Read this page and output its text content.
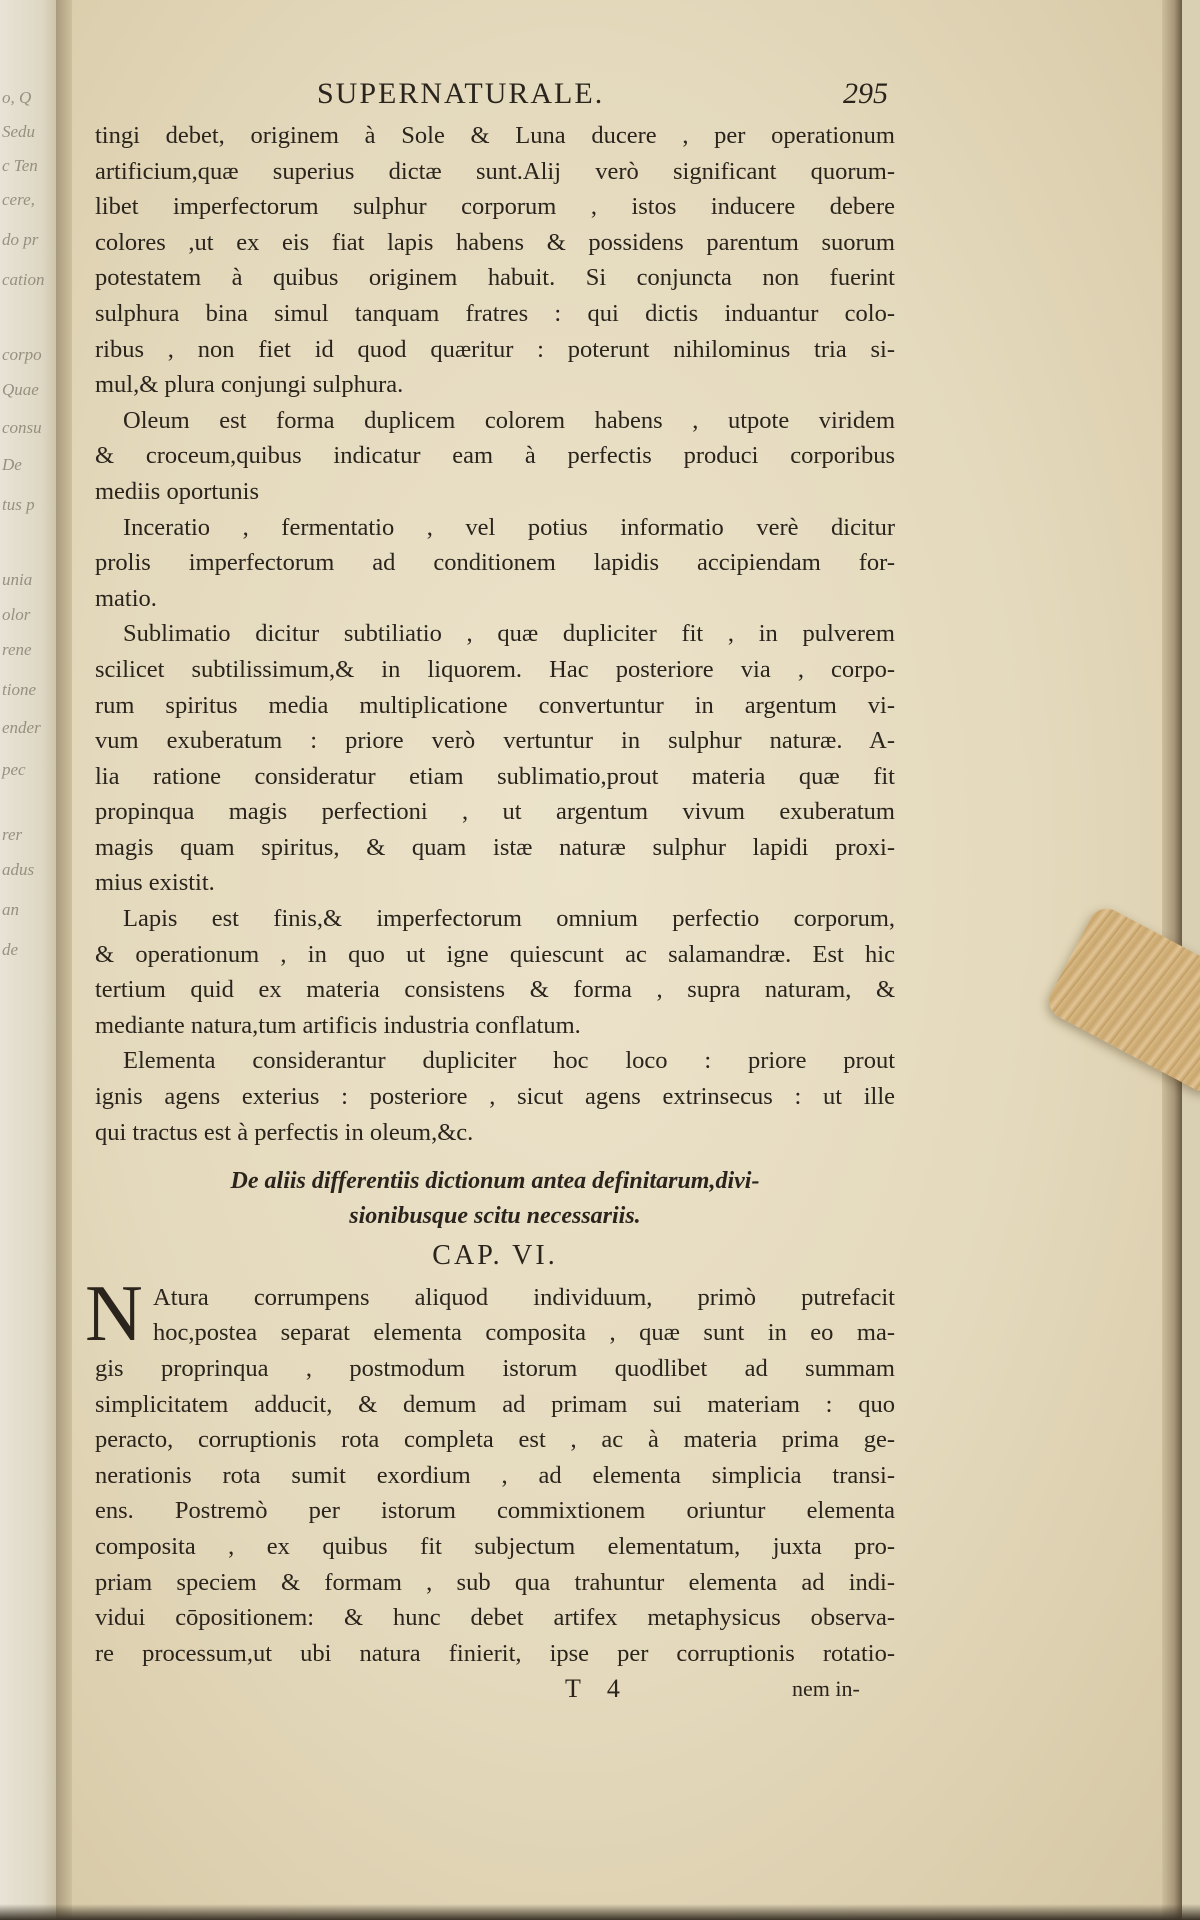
o, Q
Sedu
c Ten
cere,
do pr
cation
corpo
Quae
consu
De
tus p
unia
olor
rene
tione
ender
pec
rer
adus
an
de
SUPERNATURALE.	295
tingi debet, originem à Sole & Luna ducere , per operationum
artificium,quæ superius dictæ sunt.Alij verò significant quorum-
libet imperfectorum sulphur corporum , istos inducere debere
colores ,ut ex eis fiat lapis habens & possidens parentum suorum
potestatem à quibus originem habuit. Si conjuncta non fuerint
sulphura bina simul tanquam fratres : qui dictis induantur colo-
ribus , non fiet id quod quæritur : poterunt nihilominus tria si-
mul,& plura conjungi sulphura.
Oleum est forma duplicem colorem habens , utpote viridem
& croceum,quibus indicatur eam à perfectis produci corporibus
mediis oportunis
Inceratio , fermentatio , vel potius informatio verè dicitur
prolis imperfectorum ad conditionem lapidis accipiendam for-
matio.
Sublimatio dicitur subtiliatio , quæ dupliciter fit , in pulverem
scilicet subtilissimum,& in liquorem. Hac posteriore via , corpo-
rum spiritus media multiplicatione convertuntur in argentum vi-
vum exuberatum : priore verò vertuntur in sulphur naturæ. A-
lia ratione consideratur etiam sublimatio,prout materia quæ fit
propinqua magis perfectioni , ut argentum vivum exuberatum
magis quam spiritus, & quam istæ naturæ sulphur lapidi proxi-
mius existit.
Lapis est finis,& imperfectorum omnium perfectio corporum,
& operationum , in quo ut igne quiescunt ac salamandræ. Est hic
tertium quid ex materia consistens & forma , supra naturam, &
mediante natura,tum artificis industria conflatum.
Elementa considerantur dupliciter hoc loco : priore prout
ignis agens exterius : posteriore , sicut agens extrinsecus : ut ille
qui tractus est à perfectis in oleum,&c.
De aliis differentiis dictionum antea definitarum,divi-
sionibusque scitu necessariis.
CAP. VI.
N Atura corrumpens aliquod individuum, primò putrefacit
hoc,postea separat elementa composita , quæ sunt in eo ma-
gis proprinqua , postmodum istorum quodlibet ad summam
simplicitatem adducit, & demum ad primam sui materiam : quo
peracto, corruptionis rota completa est , ac à materia prima ge-
nerationis rota sumit exordium , ad elementa simplicia transi-
ens. Postremò per istorum commixtionem oriuntur elementa
composita , ex quibus fit subjectum elementatum, juxta pro-
priam speciem & formam , sub qua trahuntur elementa ad indi-
vidui cōpositionem: & hunc debet artifex metaphysicus observa-
re processum,ut ubi natura finierit, ipse per corruptionis rotatio-
T 4	nem in-
